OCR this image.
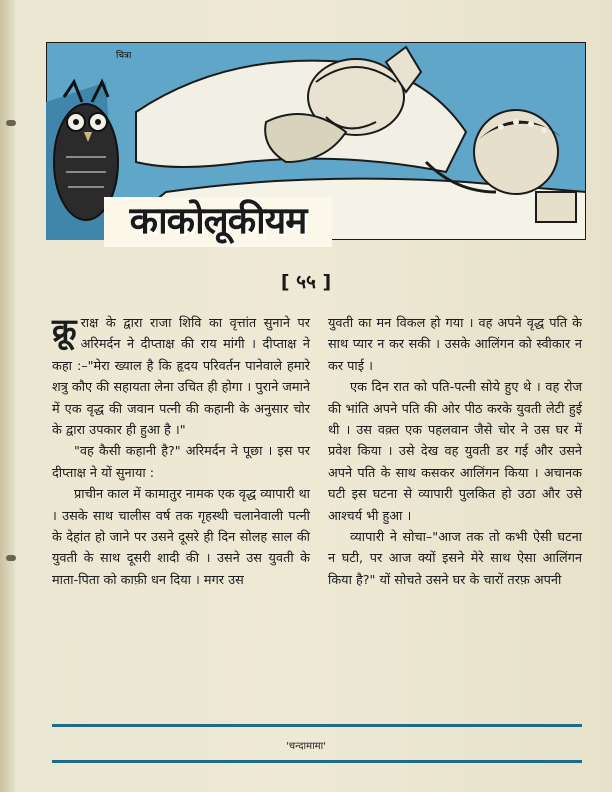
चित्रा
काकोलूकीयम
[ ५५ ]

क्रू राक्ष के द्वारा राजा शिवि का वृत्तांत सुनाने पर अरिमर्दन ने दीप्ताक्ष की राय मांगी । दीप्ताक्ष ने कहा :–"मेरा ख्याल है कि हृदय परिवर्तन पानेवाले हमारे शत्रु कौए की सहायता लेना उचित ही होगा । पुराने जमाने में एक वृद्ध की जवान पत्नी की कहानी के अनुसार चोर के द्वारा उपकार ही हुआ है ।"

"वह कैसी कहानी है?" अरिमर्दन ने पूछा । इस पर दीप्ताक्ष ने यों सुनाया :

प्राचीन काल में कामातुर नामक एक वृद्ध व्यापारी था । उसके साथ चालीस वर्ष तक गृहस्थी चलानेवाली पत्नी के देहांत हो जाने पर उसने दूसरे ही दिन सोलह साल की युवती के साथ दूसरी शादी की । उसने उस युवती के माता-पिता को काफ़ी धन दिया । मगर उस

युवती का मन विकल हो गया । वह अपने वृद्ध पति के साथ प्यार न कर सकी । उसके आलिंगन को स्वीकार न कर पाई ।

एक दिन रात को पति-पत्नी सोये हुए थे । वह रोज की भांति अपने पति की ओर पीठ करके युवती लेटी हुई थी । उस वक़्त एक पहलवान जैसे चोर ने उस घर में प्रवेश किया । उसे देख वह युवती डर गई और उसने अपने पति के साथ कसकर आलिंगन किया । अचानक घटी इस घटना से व्यापारी पुलकित हो उठा और उसे आश्चर्य भी हुआ ।

व्यापारी ने सोचा–"आज तक तो कभी ऐसी घटना न घटी, पर आज क्यों इसने मेरे साथ ऐसा आलिंगन किया है?" यों सोचते उसने घर के चारों तरफ़ अपनी

'चन्दामामा'
